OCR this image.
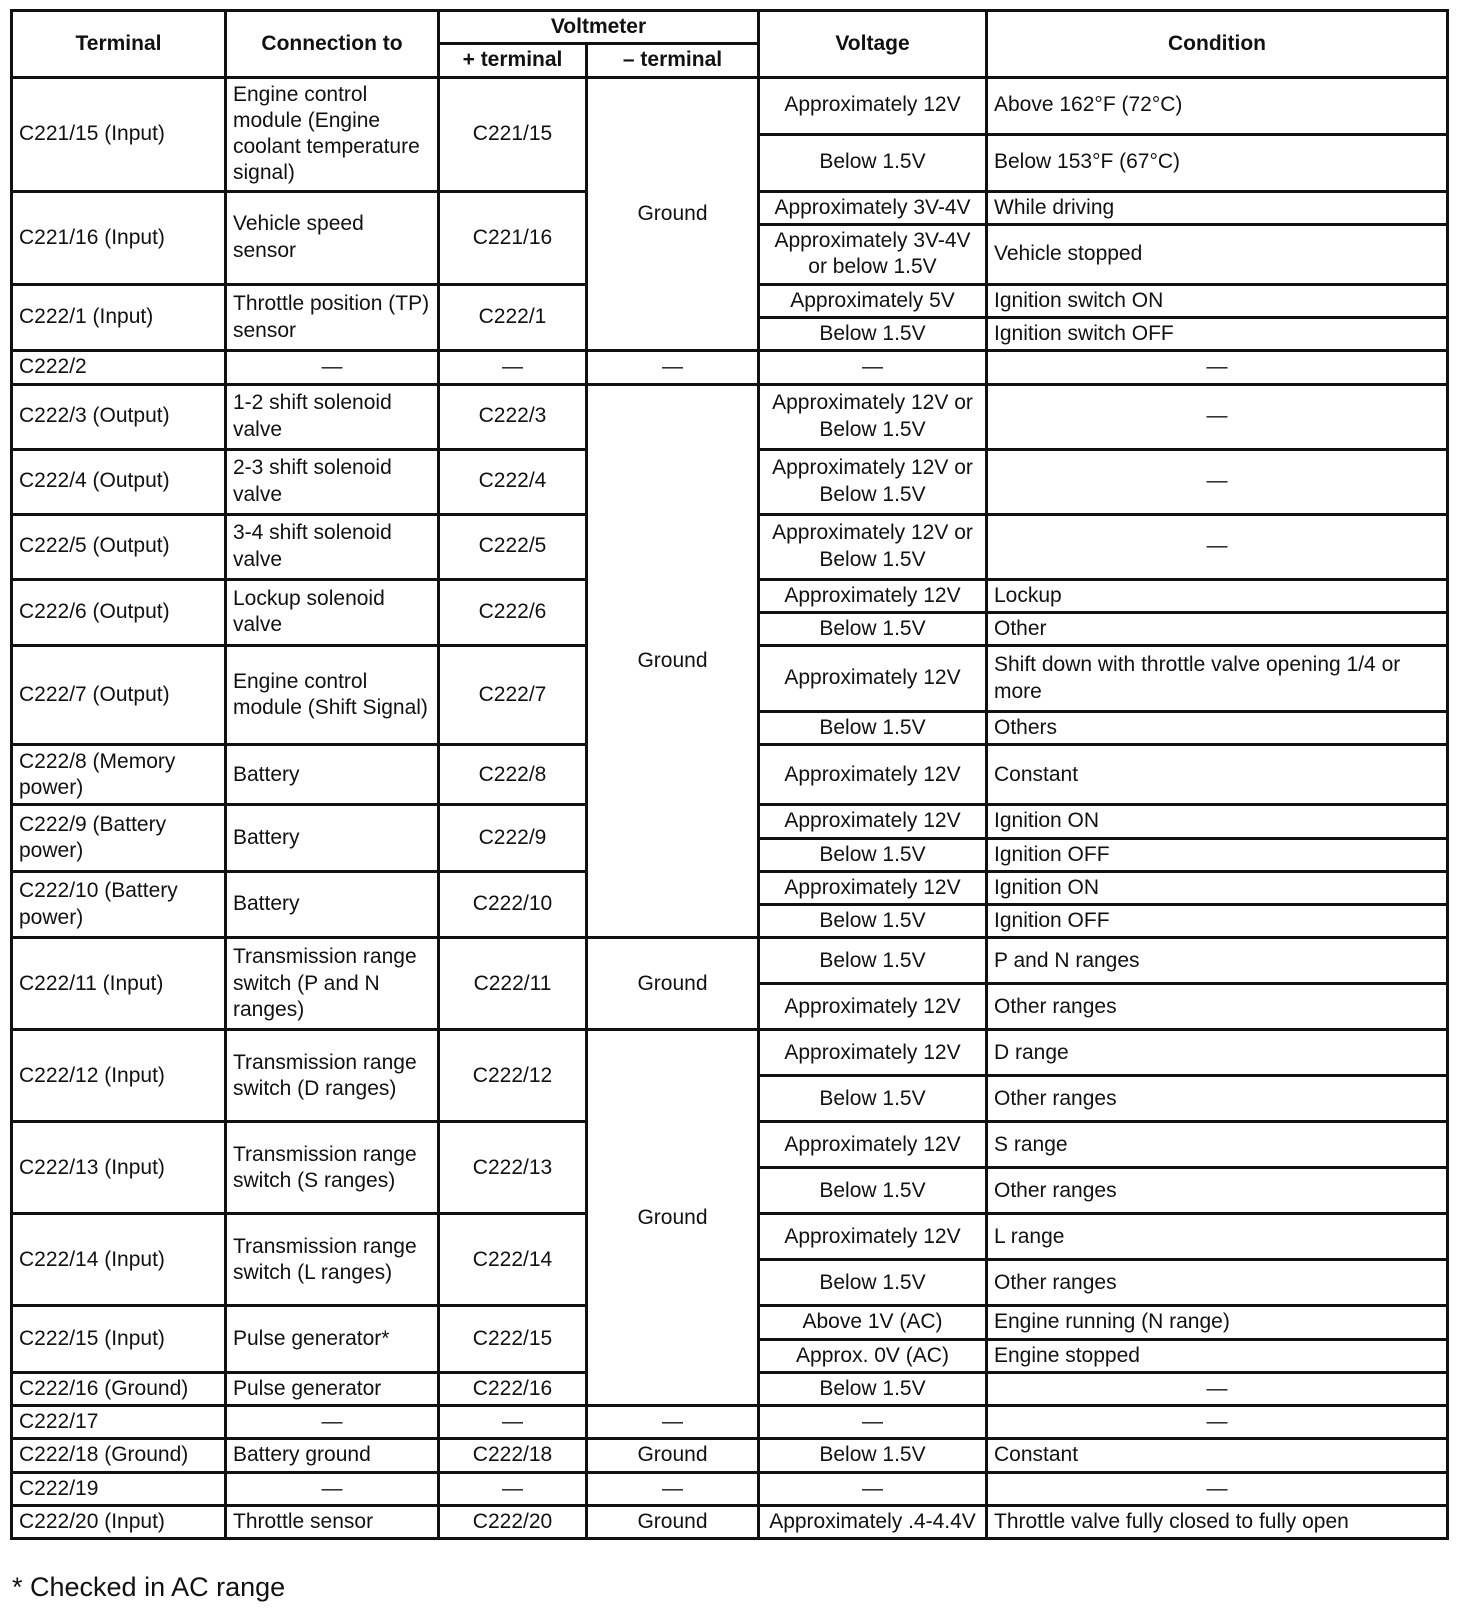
Terminal	Connection to	Voltmeter		Voltage	Condition
		+ terminal	– terminal		
C221/15 (Input)	Engine control module (Engine coolant temperature signal)	C221/15	Ground	Approximately 12V	Above 162°F (72°C)
				Below 1.5V	Below 153°F (67°C)
C221/16 (Input)	Vehicle speed sensor	C221/16		Approximately 3V-4V	While driving
				Approximately 3V-4V or below 1.5V	Vehicle stopped
C222/1 (Input)	Throttle position (TP) sensor	C222/1		Approximately 5V	Ignition switch ON
				Below 1.5V	Ignition switch OFF
C222/2	—	—	—	—	—
C222/3 (Output)	1-2 shift solenoid valve	C222/3	Ground	Approximately 12V or Below 1.5V	—
C222/4 (Output)	2-3 shift solenoid valve	C222/4		Approximately 12V or Below 1.5V	—
C222/5 (Output)	3-4 shift solenoid valve	C222/5		Approximately 12V or Below 1.5V	—
C222/6 (Output)	Lockup solenoid valve	C222/6		Approximately 12V	Lockup
				Below 1.5V	Other
C222/7 (Output)	Engine control module (Shift Signal)	C222/7		Approximately 12V	Shift down with throttle valve opening 1/4 or more
				Below 1.5V	Others
C222/8 (Memory power)	Battery	C222/8		Approximately 12V	Constant
C222/9 (Battery power)	Battery	C222/9		Approximately 12V	Ignition ON
				Below 1.5V	Ignition OFF
C222/10 (Battery power)	Battery	C222/10		Approximately 12V	Ignition ON
				Below 1.5V	Ignition OFF
C222/11 (Input)	Transmission range switch (P and N ranges)	C222/11	Ground	Below 1.5V	P and N ranges
				Approximately 12V	Other ranges
C222/12 (Input)	Transmission range switch (D ranges)	C222/12	Ground	Approximately 12V	D range
				Below 1.5V	Other ranges
C222/13 (Input)	Transmission range switch (S ranges)	C222/13		Approximately 12V	S range
				Below 1.5V	Other ranges
C222/14 (Input)	Transmission range switch (L ranges)	C222/14		Approximately 12V	L range
				Below 1.5V	Other ranges
C222/15 (Input)	Pulse generator*	C222/15		Above 1V (AC)	Engine running (N range)
				Approx. 0V (AC)	Engine stopped
C222/16 (Ground)	Pulse generator	C222/16		Below 1.5V	—
C222/17	—	—	—	—	—
C222/18 (Ground)	Battery ground	C222/18	Ground	Below 1.5V	Constant
C222/19	—	—	—	—	—
C222/20 (Input)	Throttle sensor	C222/20	Ground	Approximately .4-4.4V	Throttle valve fully closed to fully open
* Checked in AC range
